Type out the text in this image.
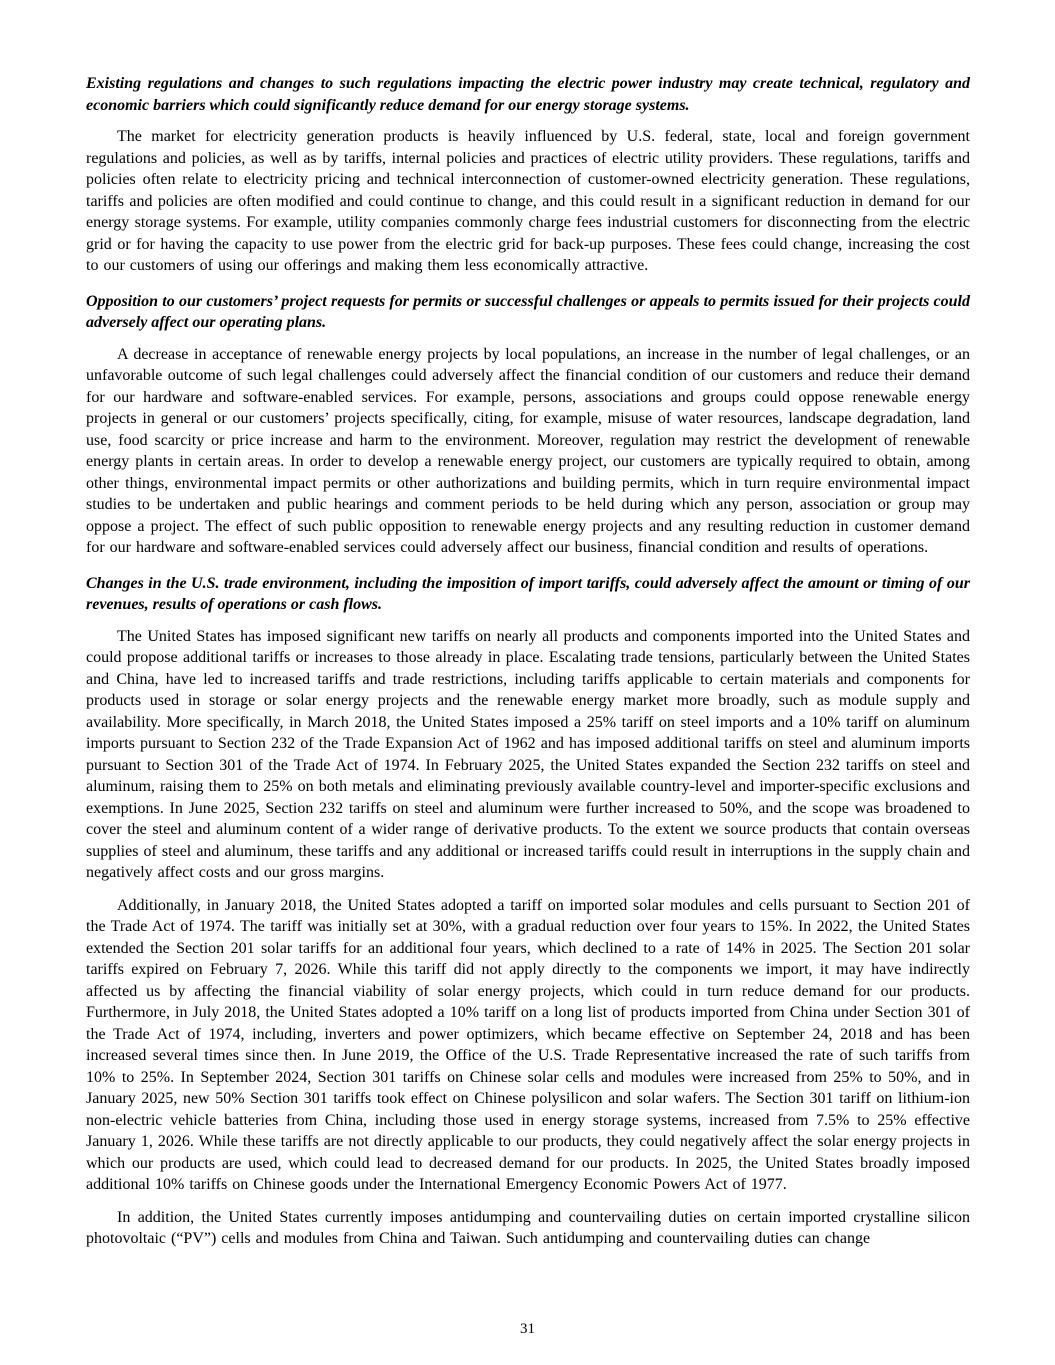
Existing regulations and changes to such regulations impacting the electric power industry may create technical, regulatory and economic barriers which could significantly reduce demand for our energy storage systems.

The market for electricity generation products is heavily influenced by U.S. federal, state, local and foreign government regulations and policies, as well as by tariffs, internal policies and practices of electric utility providers. These regulations, tariffs and policies often relate to electricity pricing and technical interconnection of customer-owned electricity generation. These regulations, tariffs and policies are often modified and could continue to change, and this could result in a significant reduction in demand for our energy storage systems. For example, utility companies commonly charge fees industrial customers for disconnecting from the electric grid or for having the capacity to use power from the electric grid for back-up purposes. These fees could change, increasing the cost to our customers of using our offerings and making them less economically attractive.

Opposition to our customers’ project requests for permits or successful challenges or appeals to permits issued for their projects could adversely affect our operating plans.

A decrease in acceptance of renewable energy projects by local populations, an increase in the number of legal challenges, or an unfavorable outcome of such legal challenges could adversely affect the financial condition of our customers and reduce their demand for our hardware and software-enabled services. For example, persons, associations and groups could oppose renewable energy projects in general or our customers’ projects specifically, citing, for example, misuse of water resources, landscape degradation, land use, food scarcity or price increase and harm to the environment. Moreover, regulation may restrict the development of renewable energy plants in certain areas. In order to develop a renewable energy project, our customers are typically required to obtain, among other things, environmental impact permits or other authorizations and building permits, which in turn require environmental impact studies to be undertaken and public hearings and comment periods to be held during which any person, association or group may oppose a project. The effect of such public opposition to renewable energy projects and any resulting reduction in customer demand for our hardware and software-enabled services could adversely affect our business, financial condition and results of operations.

Changes in the U.S. trade environment, including the imposition of import tariffs, could adversely affect the amount or timing of our revenues, results of operations or cash flows.

The United States has imposed significant new tariffs on nearly all products and components imported into the United States and could propose additional tariffs or increases to those already in place. Escalating trade tensions, particularly between the United States and China, have led to increased tariffs and trade restrictions, including tariffs applicable to certain materials and components for products used in storage or solar energy projects and the renewable energy market more broadly, such as module supply and availability. More specifically, in March 2018, the United States imposed a 25% tariff on steel imports and a 10% tariff on aluminum imports pursuant to Section 232 of the Trade Expansion Act of 1962 and has imposed additional tariffs on steel and aluminum imports pursuant to Section 301 of the Trade Act of 1974. In February 2025, the United States expanded the Section 232 tariffs on steel and aluminum, raising them to 25% on both metals and eliminating previously available country-level and importer-specific exclusions and exemptions. In June 2025, Section 232 tariffs on steel and aluminum were further increased to 50%, and the scope was broadened to cover the steel and aluminum content of a wider range of derivative products. To the extent we source products that contain overseas supplies of steel and aluminum, these tariffs and any additional or increased tariffs could result in interruptions in the supply chain and negatively affect costs and our gross margins.

Additionally, in January 2018, the United States adopted a tariff on imported solar modules and cells pursuant to Section 201 of the Trade Act of 1974. The tariff was initially set at 30%, with a gradual reduction over four years to 15%. In 2022, the United States extended the Section 201 solar tariffs for an additional four years, which declined to a rate of 14% in 2025. The Section 201 solar tariffs expired on February 7, 2026. While this tariff did not apply directly to the components we import, it may have indirectly affected us by affecting the financial viability of solar energy projects, which could in turn reduce demand for our products. Furthermore, in July 2018, the United States adopted a 10% tariff on a long list of products imported from China under Section 301 of the Trade Act of 1974, including, inverters and power optimizers, which became effective on September 24, 2018 and has been increased several times since then. In June 2019, the Office of the U.S. Trade Representative increased the rate of such tariffs from 10% to 25%. In September 2024, Section 301 tariffs on Chinese solar cells and modules were increased from 25% to 50%, and in January 2025, new 50% Section 301 tariffs took effect on Chinese polysilicon and solar wafers. The Section 301 tariff on lithium-ion non-electric vehicle batteries from China, including those used in energy storage systems, increased from 7.5% to 25% effective January 1, 2026. While these tariffs are not directly applicable to our products, they could negatively affect the solar energy projects in which our products are used, which could lead to decreased demand for our products. In 2025, the United States broadly imposed additional 10% tariffs on Chinese goods under the International Emergency Economic Powers Act of 1977.

In addition, the United States currently imposes antidumping and countervailing duties on certain imported crystalline silicon photovoltaic (“PV”) cells and modules from China and Taiwan. Such antidumping and countervailing duties can change

31
